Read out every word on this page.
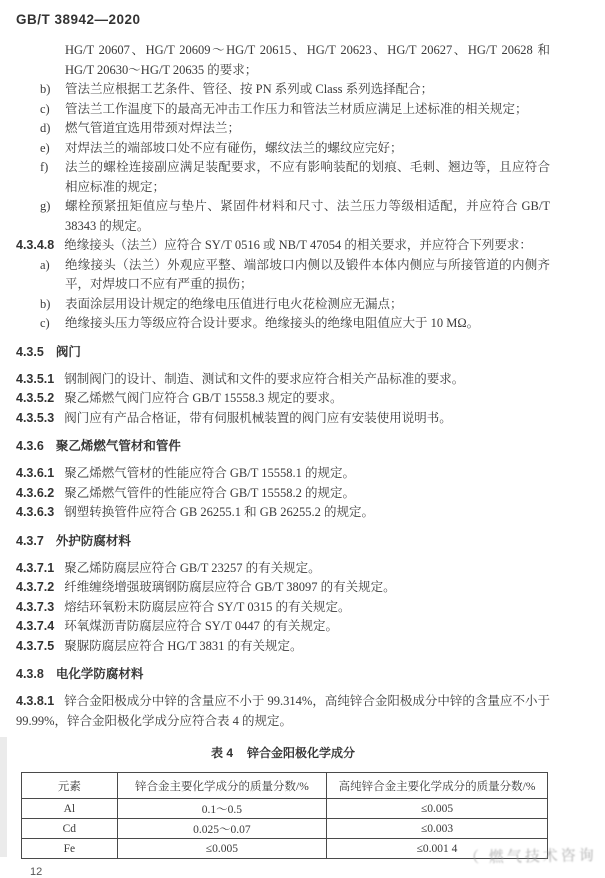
GB/T 38942—2020
HG/T 20607、HG/T 20609～HG/T 20615、HG/T 20623、HG/T 20627、HG/T 20628 和 HG/T 20630～HG/T 20635 的要求；
b)	管法兰应根据工艺条件、管径、按 PN 系列或 Class 系列选择配合；
c)	管法兰工作温度下的最高无冲击工作压力和管法兰材质应满足上述标准的相关规定；
d)	燃气管道宜选用带颈对焊法兰；
e)	对焊法兰的端部坡口处不应有碰伤，螺纹法兰的螺纹应完好；
f)	法兰的螺栓连接副应满足装配要求，不应有影响装配的划痕、毛刺、翘边等，且应符合相应标准的规定；
g)	螺栓预紧扭矩值应与垫片、紧固件材料和尺寸、法兰压力等级相适配，并应符合 GB/T 38343 的规定。
4.3.4.8 绝缘接头（法兰）应符合 SY/T 0516 或 NB/T 47054 的相关要求，并应符合下列要求：
a)	绝缘接头（法兰）外观应平整、端部坡口内侧以及锻件本体内侧应与所接管道的内侧齐平，对焊坡口不应有严重的损伤；
b)	表面涂层用设计规定的绝缘电压值进行电火花检测应无漏点；
c)	绝缘接头压力等级应符合设计要求。绝缘接头的绝缘电阻值应大于 10 MΩ。
4.3.5 阀门
4.3.5.1 钢制阀门的设计、制造、测试和文件的要求应符合相关产品标准的要求。
4.3.5.2 聚乙烯燃气阀门应符合 GB/T 15558.3 规定的要求。
4.3.5.3 阀门应有产品合格证，带有伺服机械装置的阀门应有安装使用说明书。
4.3.6 聚乙烯燃气管材和管件
4.3.6.1 聚乙烯燃气管材的性能应符合 GB/T 15558.1 的规定。
4.3.6.2 聚乙烯燃气管件的性能应符合 GB/T 15558.2 的规定。
4.3.6.3 钢塑转换管件应符合 GB 26255.1 和 GB 26255.2 的规定。
4.3.7 外护防腐材料
4.3.7.1 聚乙烯防腐层应符合 GB/T 23257 的有关规定。
4.3.7.2 纤维缠绕增强玻璃钢防腐层应符合 GB/T 38097 的有关规定。
4.3.7.3 熔结环氧粉末防腐层应符合 SY/T 0315 的有关规定。
4.3.7.4 环氧煤沥青防腐层应符合 SY/T 0447 的有关规定。
4.3.7.5 聚脲防腐层应符合 HG/T 3831 的有关规定。
4.3.8 电化学防腐材料
4.3.8.1 锌合金阳极成分中锌的含量应不小于 99.314%，高纯锌合金阳极成分中锌的含量应不小于 99.99%，锌合金阳极化学成分应符合表 4 的规定。
表 4 锌合金阳极化学成分
元素	锌合金主要化学成分的质量分数/%	高纯锌合金主要化学成分的质量分数/%
Al	0.1～0.5	≤0.005
Cd	0.025～0.07	≤0.003
Fe	≤0.005	≤0.001 4
12
（ 燃气技术咨询
